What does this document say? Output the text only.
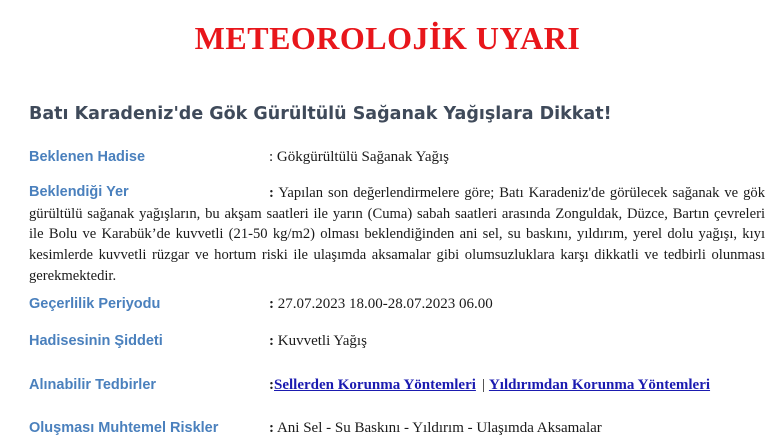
METEOROLOJİK UYARI
Batı Karadeniz'de Gök Gürültülü Sağanak Yağışlara Dikkat!
Beklenen Hadise	: Gökgürültülü Sağanak Yağış
Beklendiği Yer	: Yapılan son değerlendirmelere göre; Batı Karadeniz'de görülecek sağanak ve gök gürültülü sağanak yağışların, bu akşam saatleri ile yarın (Cuma) sabah saatleri arasında Zonguldak, Düzce, Bartın çevreleri ile Bolu ve Karabük’de kuvvetli (21-50 kg/m2) olması beklendiğinden ani sel, su baskını, yıldırım, yerel dolu yağışı, kıyı kesimlerde kuvvetli rüzgar ve hortum riski ile ulaşımda aksamalar gibi olumsuzluklara karşı dikkatli ve tedbirli olunması gerekmektedir.
Geçerlilik Periyodu	: 27.07.2023 18.00-28.07.2023 06.00
Hadisesinin Şiddeti	: Kuvvetli Yağış
Alınabilir Tedbirler	:Sellerden Korunma Yöntemleri | Yıldırımdan Korunma Yöntemleri
Oluşması Muhtemel Riskler	: Ani Sel - Su Baskını - Yıldırım - Ulaşımda Aksamalar
